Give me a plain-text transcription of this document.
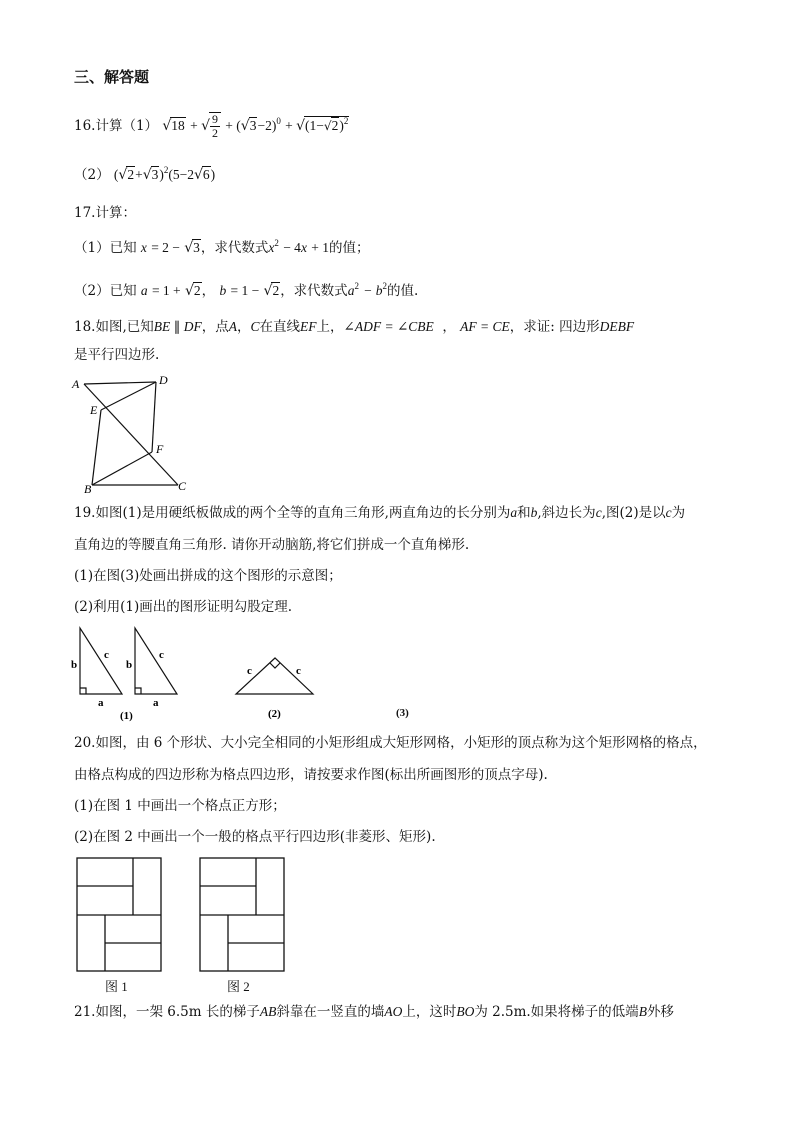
三、解答题
16.计算（1） √18 + √ $\frac{9}{2} + (√3-2)^0 + √(1-√2)^2$
（2） $(√2+√3)^2(5-2√6)$
17.计算：
（1）已知 x = 2 − √3，求代数式$x^2 - 4x + 1$的值；
（2）已知 a = 1 + √2， b = 1 − √2，求代数式$a^2 - b^2$的值.
18.如图,已知BE ∥ DF，点A，C在直线EF上，∠ADF = ∠CBE ， AF = CE，求证: 四边形DEBF
是平行四边形.
A	D
E
F
B	C
19.如图(1)是用硬纸板做成的两个全等的直角三角形,两直角边的长分别为a和b,斜边长为c,图(2)是以c为
直角边的等腰直角三角形. 请你开动脑筋,将它们拼成一个直角梯形.
(1)在图(3)处画出拼成的这个图形的示意图；
(2)利用(1)画出的图形证明勾股定理.
b
c
a
b
c
a
c	c
(1)	(2)	(3)
20.如图，由 6 个形状、大小完全相同的小矩形组成大矩形网格，小矩形的顶点称为这个矩形网格的格点，
由格点构成的四边形称为格点四边形，请按要求作图(标出所画图形的顶点字母).
(1)在图 1 中画出一个格点正方形；
(2)在图 2 中画出一个一般的格点平行四边形(非菱形、矩形).
图 1	图 2
21.如图，一架 6.5m 长的梯子AB斜靠在一竖直的墙AO上，这时BO为 2.5m.如果将梯子的低端B外移
